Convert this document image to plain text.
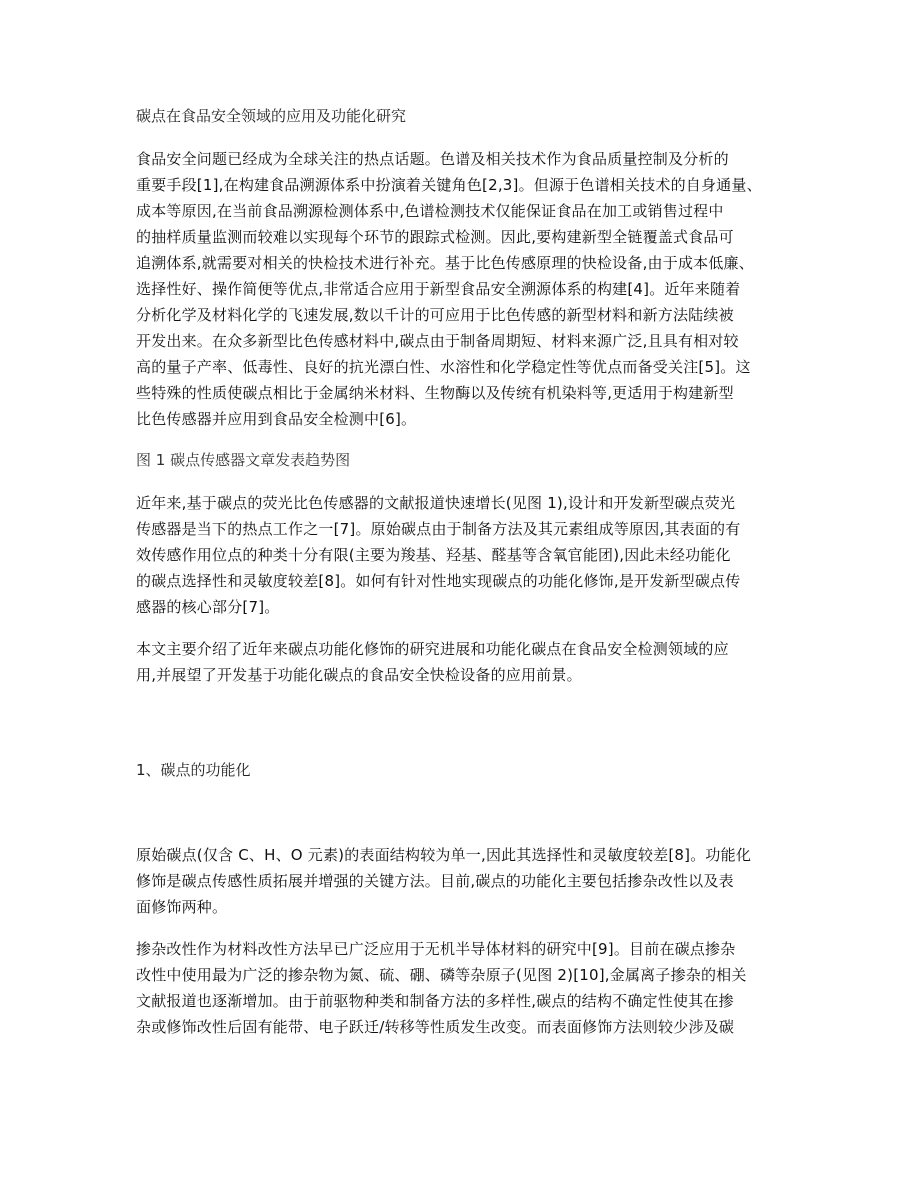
碳点在食品安全领域的应用及功能化研究
食品安全问题已经成为全球关注的热点话题。色谱及相关技术作为食品质量控制及分析的
重要手段[1],在构建食品溯源体系中扮演着关键角色[2,3]。但源于色谱相关技术的自身通量、
成本等原因,在当前食品溯源检测体系中,色谱检测技术仅能保证食品在加工或销售过程中
的抽样质量监测而较难以实现每个环节的跟踪式检测。因此,要构建新型全链覆盖式食品可
追溯体系,就需要对相关的快检技术进行补充。基于比色传感原理的快检设备,由于成本低廉、
选择性好、操作简便等优点,非常适合应用于新型食品安全溯源体系的构建[4]。近年来随着
分析化学及材料化学的飞速发展,数以千计的可应用于比色传感的新型材料和新方法陆续被
开发出来。在众多新型比色传感材料中,碳点由于制备周期短、材料来源广泛,且具有相对较
高的量子产率、低毒性、良好的抗光漂白性、水溶性和化学稳定性等优点而备受关注[5]。这
些特殊的性质使碳点相比于金属纳米材料、生物酶以及传统有机染料等,更适用于构建新型
比色传感器并应用到食品安全检测中[6]。
图 1 碳点传感器文章发表趋势图
近年来,基于碳点的荧光比色传感器的文献报道快速增长(见图 1),设计和开发新型碳点荧光
传感器是当下的热点工作之一[7]。原始碳点由于制备方法及其元素组成等原因,其表面的有
效传感作用位点的种类十分有限(主要为羧基、羟基、醛基等含氧官能团),因此未经功能化
的碳点选择性和灵敏度较差[8]。如何有针对性地实现碳点的功能化修饰,是开发新型碳点传
感器的核心部分[7]。
本文主要介绍了近年来碳点功能化修饰的研究进展和功能化碳点在食品安全检测领域的应
用,并展望了开发基于功能化碳点的食品安全快检设备的应用前景。
1、碳点的功能化
原始碳点(仅含 C、H、O 元素)的表面结构较为单一,因此其选择性和灵敏度较差[8]。功能化
修饰是碳点传感性质拓展并增强的关键方法。目前,碳点的功能化主要包括掺杂改性以及表
面修饰两种。
掺杂改性作为材料改性方法早已广泛应用于无机半导体材料的研究中[9]。目前在碳点掺杂
改性中使用最为广泛的掺杂物为氮、硫、硼、磷等杂原子(见图 2)[10],金属离子掺杂的相关
文献报道也逐渐增加。由于前驱物种类和制备方法的多样性,碳点的结构不确定性使其在掺
杂或修饰改性后固有能带、电子跃迁/转移等性质发生改变。而表面修饰方法则较少涉及碳
